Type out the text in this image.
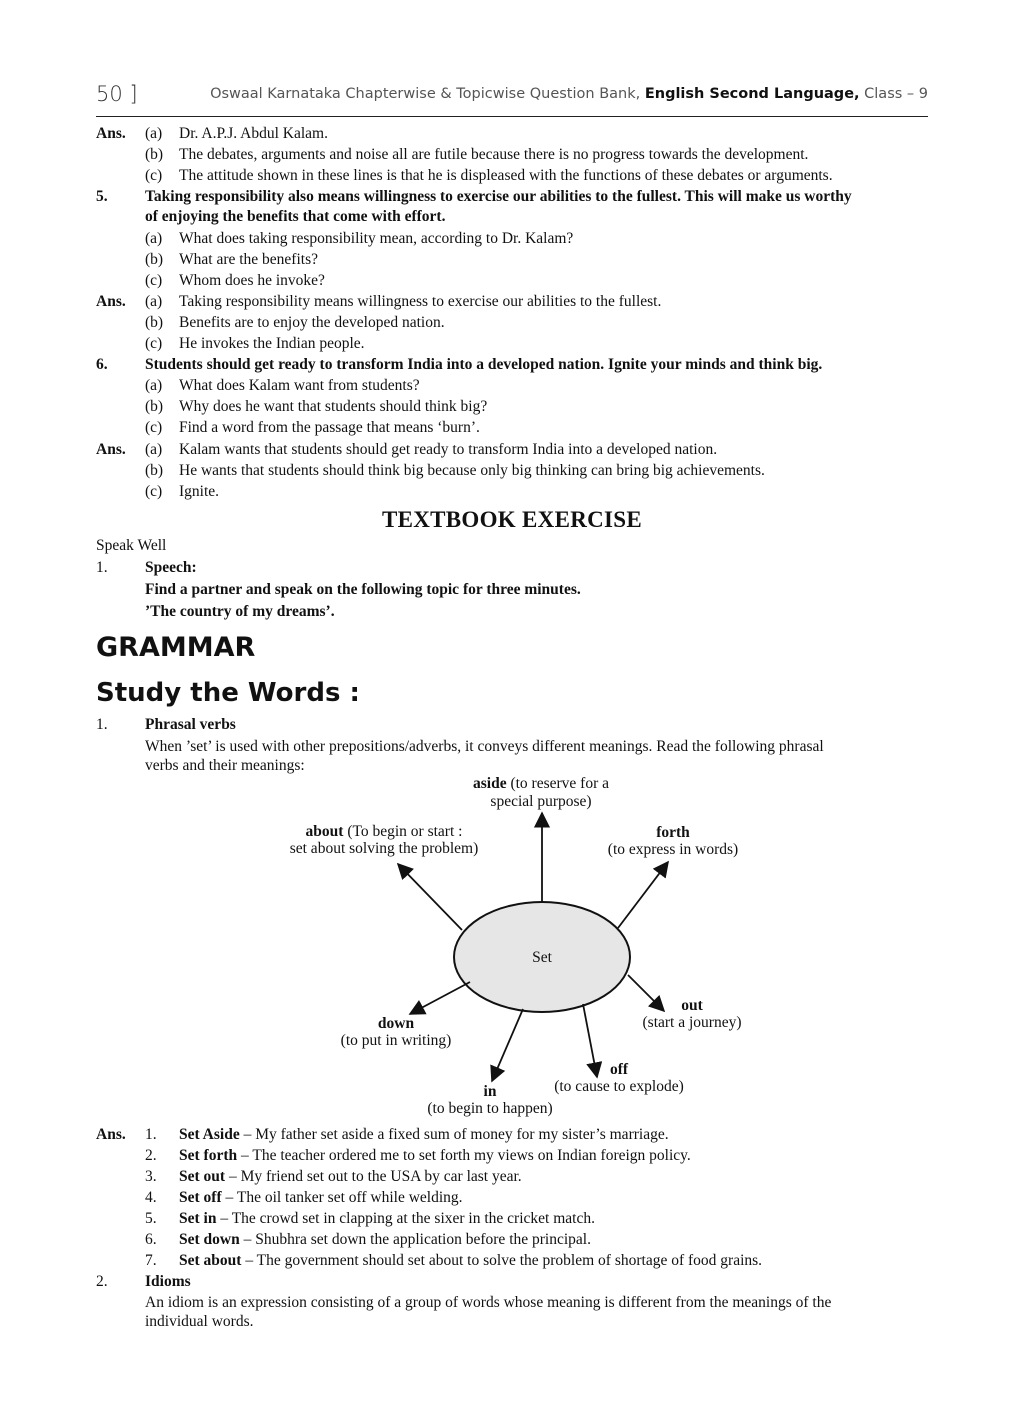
50 ]	Oswaal Karnataka Chapterwise & Topicwise Question Bank, English Second Language, Class – 9
Ans. (a) Dr. A.P.J. Abdul Kalam.
(b) The debates, arguments and noise all are futile because there is no progress towards the development.
(c) The attitude shown in these lines is that he is displeased with the functions of these debates or arguments.
5. Taking responsibility also means willingness to exercise our abilities to the fullest. This will make us worthy
of enjoying the benefits that come with effort.
(a) What does taking responsibility mean, according to Dr. Kalam?
(b) What are the benefits?
(c) Whom does he invoke?
Ans. (a) Taking responsibility means willingness to exercise our abilities to the fullest.
(b) Benefits are to enjoy the developed nation.
(c) He invokes the Indian people.
6. Students should get ready to transform India into a developed nation. Ignite your minds and think big.
(a) What does Kalam want from students?
(b) Why does he want that students should think big?
(c) Find a word from the passage that means ‘burn’.
Ans. (a) Kalam wants that students should get ready to transform India into a developed nation.
(b) He wants that students should think big because only big thinking can bring big achievements.
(c) Ignite.
TEXTBOOK EXERCISE
Speak Well
1. Speech:
Find a partner and speak on the following topic for three minutes.
’The country of my dreams’.
GRAMMAR
Study the Words :
1. Phrasal verbs
When ’set’ is used with other prepositions/adverbs, it conveys different meanings. Read the following phrasal
verbs and their meanings:
Set
aside (to reserve for a
special purpose)
about (To begin or start :
set about solving the problem)
forth
(to express in words)
out
(start a journey)
down
(to put in writing)
off
(to cause to explode)
in
(to begin to happen)
Ans. 1. Set Aside – My father set aside a fixed sum of money for my sister’s marriage.
2. Set forth – The teacher ordered me to set forth my views on Indian foreign policy.
3. Set out – My friend set out to the USA by car last year.
4. Set off – The oil tanker set off while welding.
5. Set in – The crowd set in clapping at the sixer in the cricket match.
6. Set down – Shubhra set down the application before the principal.
7. Set about – The government should set about to solve the problem of shortage of food grains.
2. Idioms
An idiom is an expression consisting of a group of words whose meaning is different from the meanings of the
individual words.
